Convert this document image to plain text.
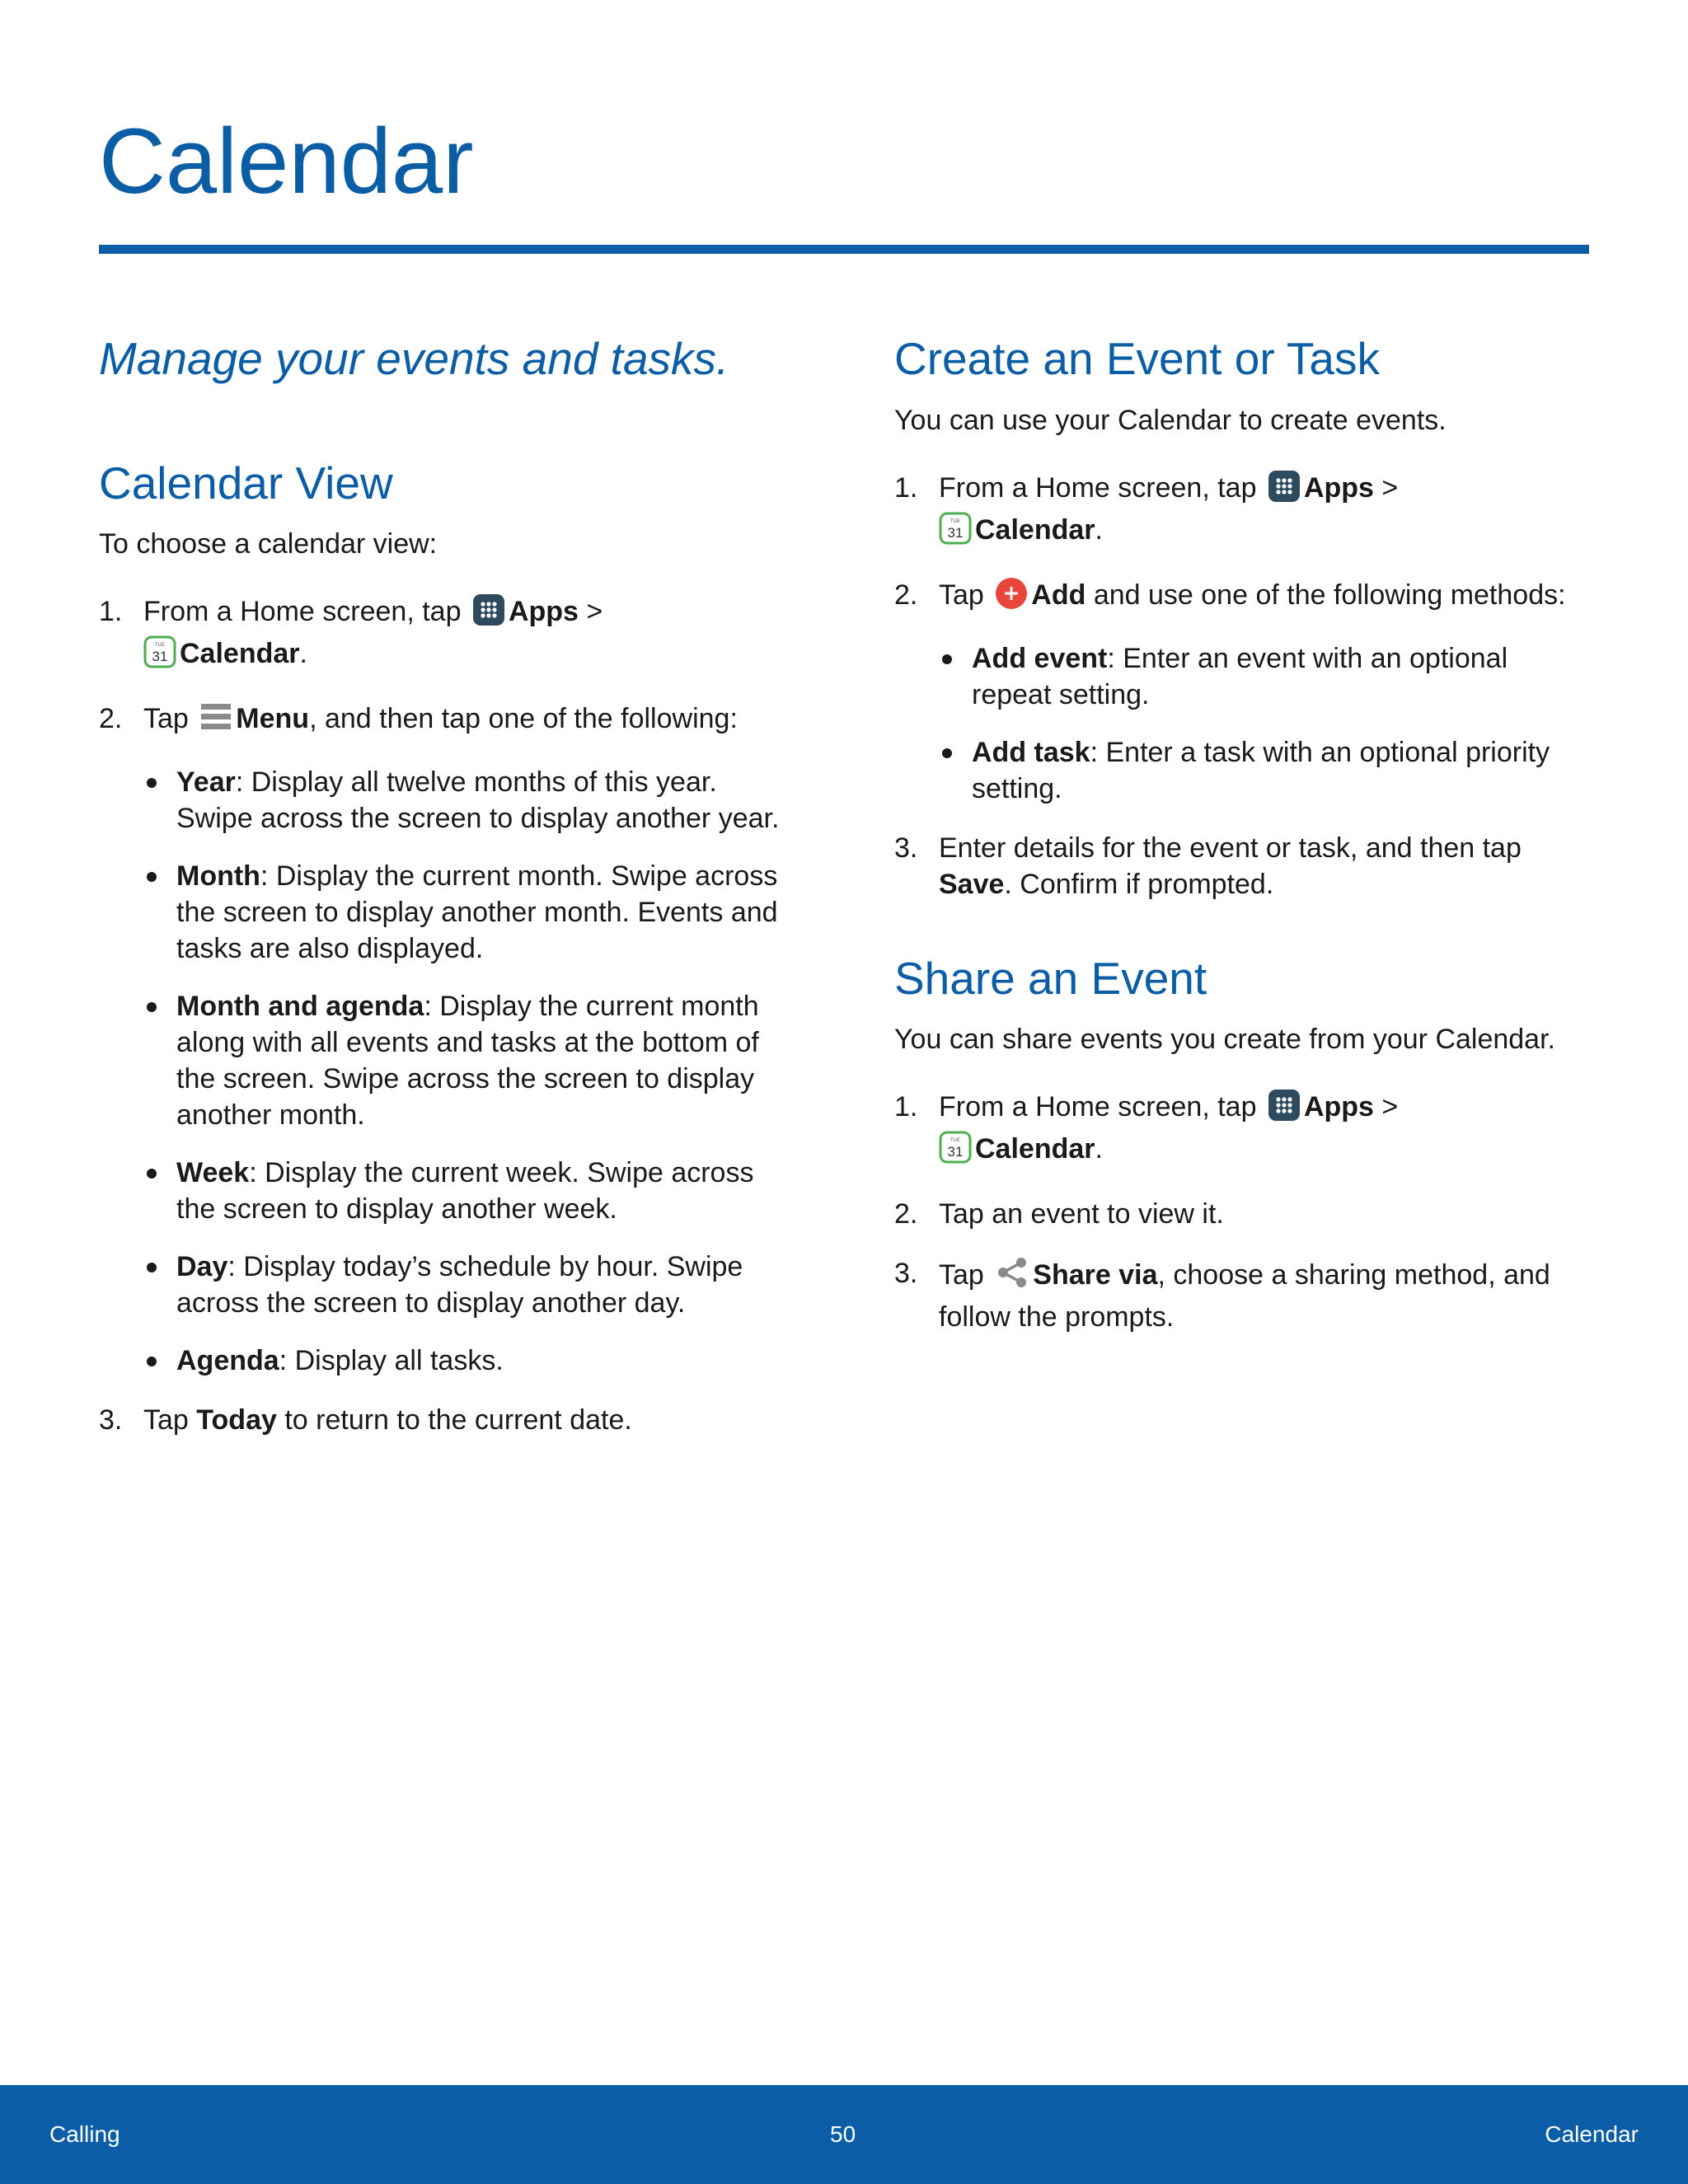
Calendar
Manage your events and tasks.
Calendar View

To choose a calendar view:

1. From a Home screen, tap Apps >

TUE
31 Calendar.
2. Tap Menu, and then tap one of the following:
Year: Display all twelve months of this year. Swipe across the screen to display another year.
Month: Display the current month. Swipe across the screen to display another month. Events and tasks are also displayed.
Month and agenda: Display the current month along with all events and tasks at the bottom of the screen. Swipe across the screen to display another month.
Week: Display the current week. Swipe across the screen to display another week.
Day: Display today’s schedule by hour. Swipe across the screen to display another day.
Agenda: Display all tasks.
3. Tap Today to return to the current date.
Create an Event or Task

You can use your Calendar to create events.

1. From a Home screen, tap Apps >

TUE
31 Calendar.
2. Tap Add and use one of the following methods:
Add event: Enter an event with an optional repeat setting.
Add task: Enter a task with an optional priority setting.
3. Enter details for the event or task, and then tap Save. Confirm if prompted.
Share an Event

You can share events you create from your Calendar.

1. From a Home screen, tap Apps >

TUE
31 Calendar.
2. Tap an event to view it.
3. Tap Share via, choose a sharing method, and follow the prompts.
Calling	50	Calendar
